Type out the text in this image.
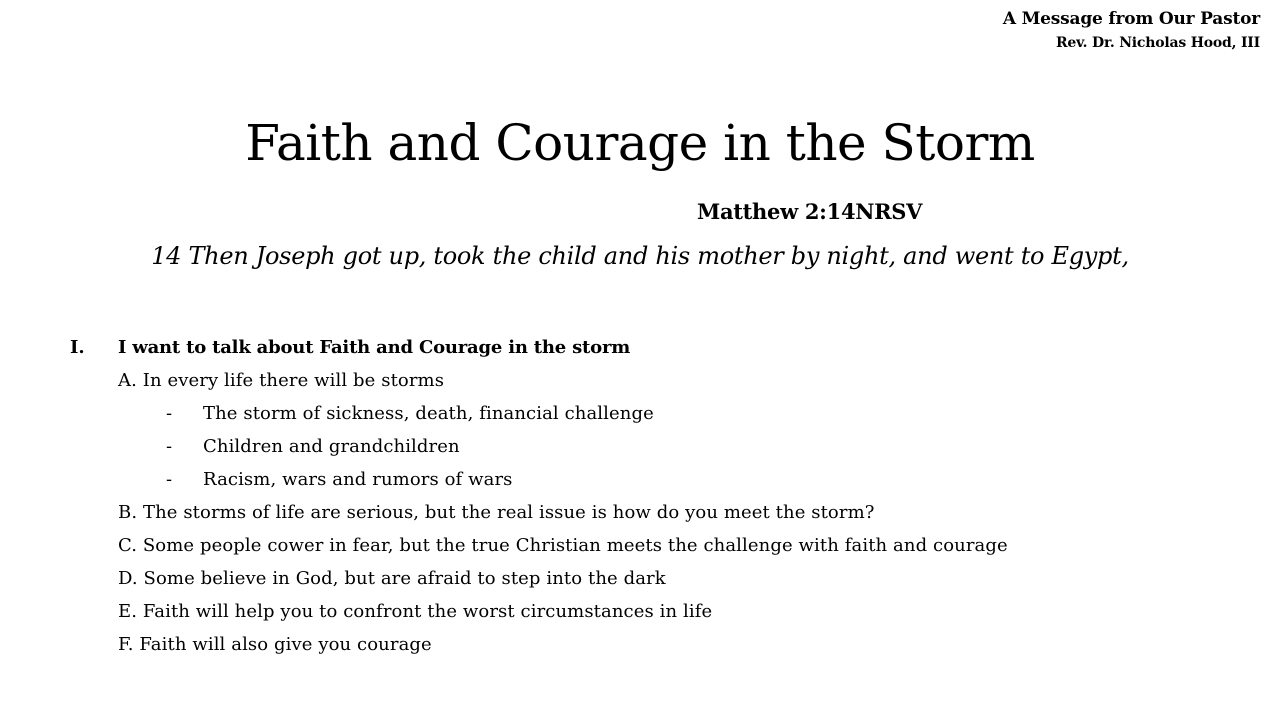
A Message from Our Pastor
Rev. Dr. Nicholas Hood, III
Faith and Courage in the Storm
Matthew 2:14NRSV
14 Then Joseph got up, took the child and his mother by night, and went to Egypt,
I. I want to talk about Faith and Courage in the storm
A. In every life there will be storms
- The storm of sickness, death, financial challenge
- Children and grandchildren
- Racism, wars and rumors of wars
B. The storms of life are serious, but the real issue is how do you meet the storm?
C. Some people cower in fear, but the true Christian meets the challenge with faith and courage
D. Some believe in God, but are afraid to step into the dark
E. Faith will help you to confront the worst circumstances in life
F. Faith will also give you courage
